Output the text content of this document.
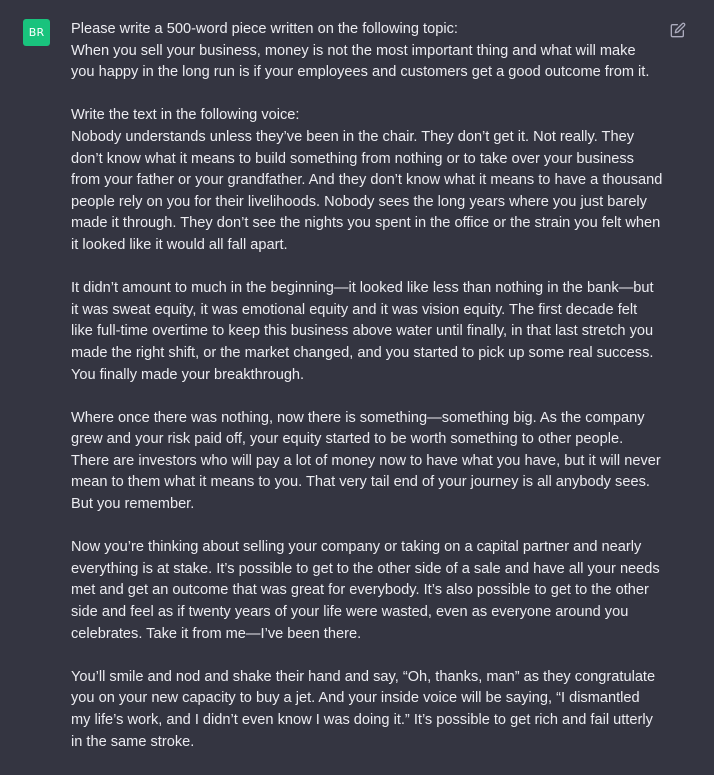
BR	Please write a 500-word piece written on the following topic:
When you sell your business, money is not the most important thing and what will make you happy in the long run is if your employees and customers get a good outcome from it.

Write the text in the following voice:
Nobody understands unless they’ve been in the chair. They don’t get it. Not really. They don’t know what it means to build something from nothing or to take over your business from your father or your grandfather. And they don’t know what it means to have a thousand people rely on you for their livelihoods. Nobody sees the long years where you just barely made it through. They don’t see the nights you spent in the office or the strain you felt when it looked like it would all fall apart.

It didn’t amount to much in the beginning—it looked like less than nothing in the bank—but it was sweat equity, it was emotional equity and it was vision equity. The first decade felt like full-time overtime to keep this business above water until finally, in that last stretch you made the right shift, or the market changed, and you started to pick up some real success. You finally made your breakthrough.

Where once there was nothing, now there is something—something big. As the company grew and your risk paid off, your equity started to be worth something to other people. There are investors who will pay a lot of money now to have what you have, but it will never mean to them what it means to you. That very tail end of your journey is all anybody sees. But you remember.

Now you’re thinking about selling your company or taking on a capital partner and nearly everything is at stake. It’s possible to get to the other side of a sale and have all your needs met and get an outcome that was great for everybody. It’s also possible to get to the other side and feel as if twenty years of your life were wasted, even as everyone around you celebrates. Take it from me—I’ve been there.

You’ll smile and nod and shake their hand and say, “Oh, thanks, man” as they congratulate you on your new capacity to buy a jet. And your inside voice will be saying, “I dismantled my life’s work, and I didn’t even know I was doing it.” It’s possible to get rich and fail utterly in the same stroke.
